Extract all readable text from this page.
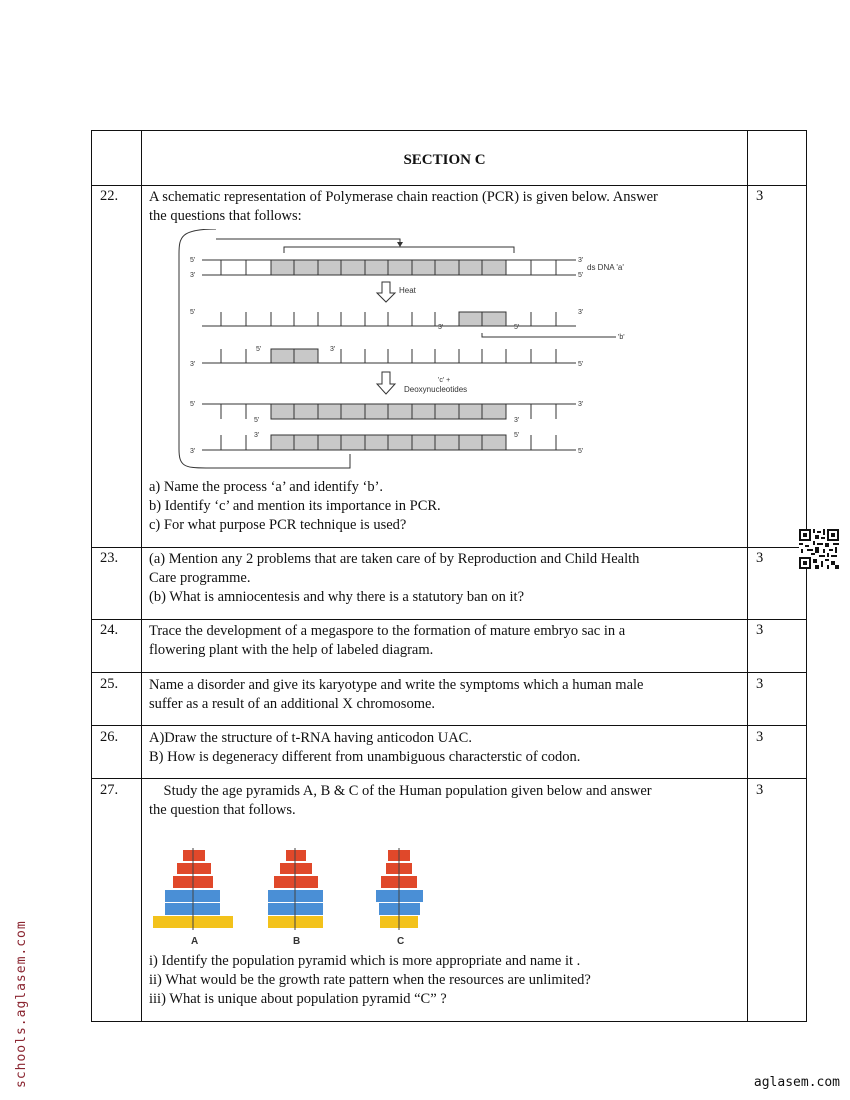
SECTION C
22.	3
A schematic representation of Polymerase chain reaction (PCR) is given below. Answer
the questions that follows:
5'
3'
3'
5'
ds DNA 'a'
Heat
5'	3'
3'	5'
'b'
5'	3'
3'	5'
'c' +
Deoxynucleotides
5'	3'
5'	3'
3'	5'
3'	5'
a) Name the process ‘a’ and identify ‘b’.
b) Identify ‘c’ and mention its importance in PCR.
c) For what purpose PCR technique is used?
23.	3
(a) Mention any 2 problems that are taken care of by Reproduction and Child Health
Care programme.
(b) What is amniocentesis and why there is a statutory ban on it?
24.	3
Trace the development of a megaspore to the formation of mature embryo sac in a
flowering plant with the help of labeled diagram.
25.	3
Name a disorder and give its karyotype and write the symptoms which a human male
suffer as a result of an additional X chromosome.
26.	3
A)Draw the structure of t-RNA having anticodon UAC.
B) How is degeneracy different from unambiguous characterstic of codon.
27.	3
Study the age pyramids A, B & C of the Human population given below and answer
the question that follows.
A	B	C
i) Identify the population pyramid which is more appropriate and name it .
ii) What would be the growth rate pattern when the resources are unlimited?
iii) What is unique about population pyramid “C” ?
schools.aglasem.com	aglasem.com
